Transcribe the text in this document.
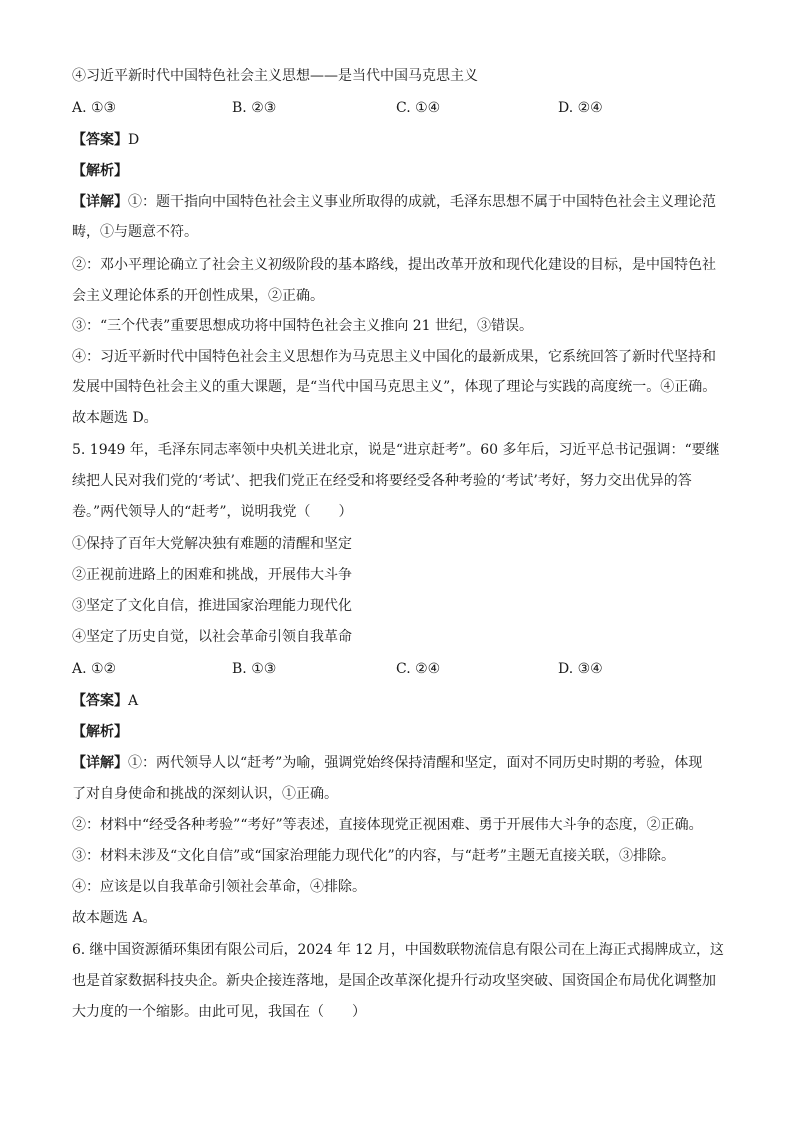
④习近平新时代中国特色社会主义思想——是当代中国马克思主义
A. ①③	B. ②③	C. ①④	D. ②④
【答案】D
【解析】
【详解】①：题干指向中国特色社会主义事业所取得的成就，毛泽东思想不属于中国特色社会主义理论范
畴，①与题意不符。
②：邓小平理论确立了社会主义初级阶段的基本路线，提出改革开放和现代化建设的目标，是中国特色社
会主义理论体系的开创性成果，②正确。
③：“三个代表”重要思想成功将中国特色社会主义推向 21 世纪，③错误。
④：习近平新时代中国特色社会主义思想作为马克思主义中国化的最新成果，它系统回答了新时代坚持和
发展中国特色社会主义的重大课题，是“当代中国马克思主义”，体现了理论与实践的高度统一。④正确。
故本题选 D。
5. 1949 年，毛泽东同志率领中央机关进北京，说是“进京赶考”。60 多年后，习近平总书记强调：“要继
续把人民对我们党的‘考试’、把我们党正在经受和将要经受各种考验的‘考试’考好，努力交出优异的答
卷。”两代领导人的“赶考”，说明我党（　　）
①保持了百年大党解决独有难题的清醒和坚定
②正视前进路上的困难和挑战，开展伟大斗争
③坚定了文化自信，推进国家治理能力现代化
④坚定了历史自觉，以社会革命引领自我革命
A. ①②	B. ①③	C. ②④	D. ③④
【答案】A
【解析】
【详解】①：两代领导人以“赶考”为喻，强调党始终保持清醒和坚定，面对不同历史时期的考验，体现
了对自身使命和挑战的深刻认识，①正确。
②：材料中“经受各种考验”“考好”等表述，直接体现党正视困难、勇于开展伟大斗争的态度，②正确。
③：材料未涉及“文化自信”或“国家治理能力现代化”的内容，与“赶考”主题无直接关联，③排除。
④：应该是以自我革命引领社会革命，④排除。
故本题选 A。
6. 继中国资源循环集团有限公司后，2024 年 12 月，中国数联物流信息有限公司在上海正式揭牌成立，这
也是首家数据科技央企。新央企接连落地，是国企改革深化提升行动攻坚突破、国资国企布局优化调整加
大力度的一个缩影。由此可见，我国在（　　）
